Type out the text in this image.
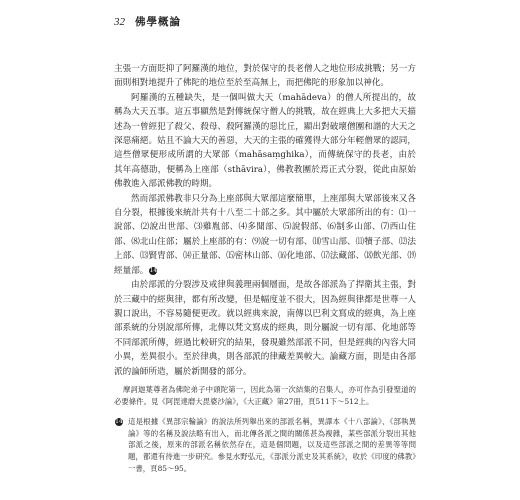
32 佛學概論

主張一方面貶抑了阿羅漢的地位，對於保守的長老僧人之地位形成挑戰；另一方面則相對地提升了佛陀的地位至於至高無上，而把佛陀的形象加以神化。

阿羅漢的五種缺失，是一個叫做大天（mahādeva）的僧人所提出的，故稱為大天五事。這五事顯然是對傳統保守僧人的挑戰，故在經典上大多把大天描述為一曾經犯了殺父、殺母、殺阿羅漢的惡比丘，顯出對破壞僧團和諧的大天之深惡痛絕。姑且不論大天的善惡，大天的主張的確獲得大部分年輕僧眾的認同，這些僧眾便形成所謂的大眾部（mahāsaṃghika），而傳統保守的長老，由於其年高德劭，便稱為上座部（sthāvira），佛教教團於焉正式分裂，從此由原始佛教進入部派佛教的時期。

然而部派佛教非只分為上座部與大眾部這麼簡單，上座部與大眾部後來又各自分裂，根據後來統計共有十八至二十部之多。其中屬於大眾部所出的有：⑴一說部、⑵說出世部、⑶雞胤部、⑷多聞部、⑸說假部、⑹制多山部、⑺西山住部、⑻北山住部；屬於上座部的有：⑼說一切有部、⑽雪山部、⑾犢子部、⑿法上部、⒀賢胄部、⒁正量部、⒂密林山部、⒃化地部、⒄法藏部、⒅飲光部、⒆經量部。14

由於部派的分裂涉及戒律與義理兩個層面，是故各部派為了捍衛其主張，對於三藏中的經與律，都有所改變，但是幅度並不很大，因為經與律都是世尊一人親口說出，不容易隨便更改。就以經典來說，南傳以巴利文寫成的經典，為上座部系統的分別說部所傳，北傳以梵文寫成的經典，則分屬說一切有部、化地部等不同部派所傳，經過比較研究的結果，發現雖然部派不同，但是經典的內容大同小異，差異很小。至於律典，則各部派的律藏差異較大。論藏方面，則是由各部派的論師所造，屬於新開發的部分。

摩訶迦葉尊者為佛陀弟子中頭陀第一，因此為第一次結集的召集人，亦可作為引發聖道的必要條件。見《阿毘達磨大毘婆沙論》，《大正藏》第27冊，頁511下～512上。

14 這是根據《異部宗輪論》的說法所列舉出來的部派名稱，異譯本《十八部論》、《部執異論》等的名稱及說法略有出入，而北傳各派之間的關係甚為複雜，某些部派分裂出其他部派之後，原來的部派名稱依然存在，這是個問題，以及這些部派之間的差異等等問題，都還有待進一步研究。參見水野弘元，《部派分派史及其系統》，收於《印度的佛教》一書，頁85～95。
